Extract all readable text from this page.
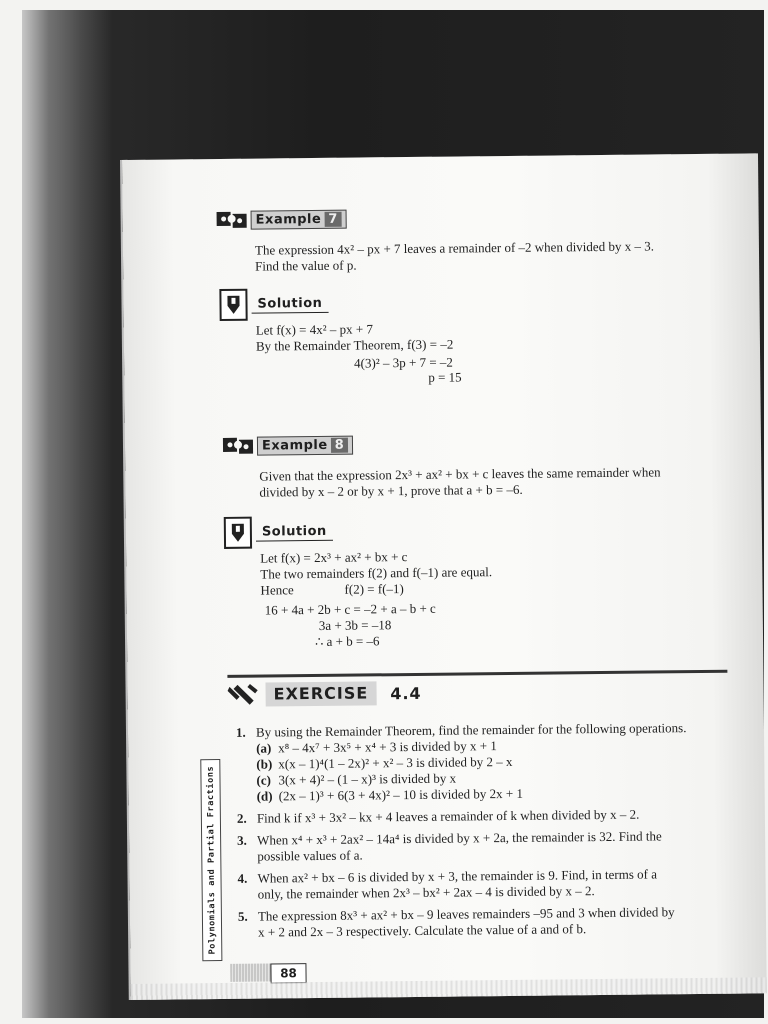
Example 7
The expression 4x² – px + 7 leaves a remainder of –2 when divided by x – 3.
Find the value of p.
Solution
Let f(x) = 4x² – px + 7
By the Remainder Theorem, f(3) = –2
4(3)² – 3p + 7 = –2
p = 15
Example 8
Given that the expression 2x³ + ax² + bx + c leaves the same remainder when
divided by x – 2 or by x + 1, prove that a + b = –6.
Solution
Let f(x) = 2x³ + ax² + bx + c
The two remainders f(2) and f(–1) are equal.
Hence	f(2) = f(–1)
16 + 4a + 2b + c = –2 + a – b + c
3a + 3b = –18
∴ a + b = –6
EXERCISE	4.4
1. By using the Remainder Theorem, find the remainder for the following operations.
(a) x⁸ – 4x⁷ + 3x⁵ + x⁴ + 3 is divided by x + 1
(b) x(x – 1)⁴(1 – 2x)² + x² – 3 is divided by 2 – x
(c) 3(x + 4)² – (1 – x)³ is divided by x
(d) (2x – 1)³ + 6(3 + 4x)² – 10 is divided by 2x + 1
2. Find k if x³ + 3x² – kx + 4 leaves a remainder of k when divided by x – 2.
3. When x⁴ + x³ + 2ax² – 14a⁴ is divided by x + 2a, the remainder is 32. Find the
possible values of a.
4. When ax² + bx – 6 is divided by x + 3, the remainder is 9. Find, in terms of a
only, the remainder when 2x³ – bx² + 2ax – 4 is divided by x – 2.
5. The expression 8x³ + ax² + bx – 9 leaves remainders –95 and 3 when divided by
x + 2 and 2x – 3 respectively. Calculate the value of a and of b.
Polynomials and Partial Fractions
88
